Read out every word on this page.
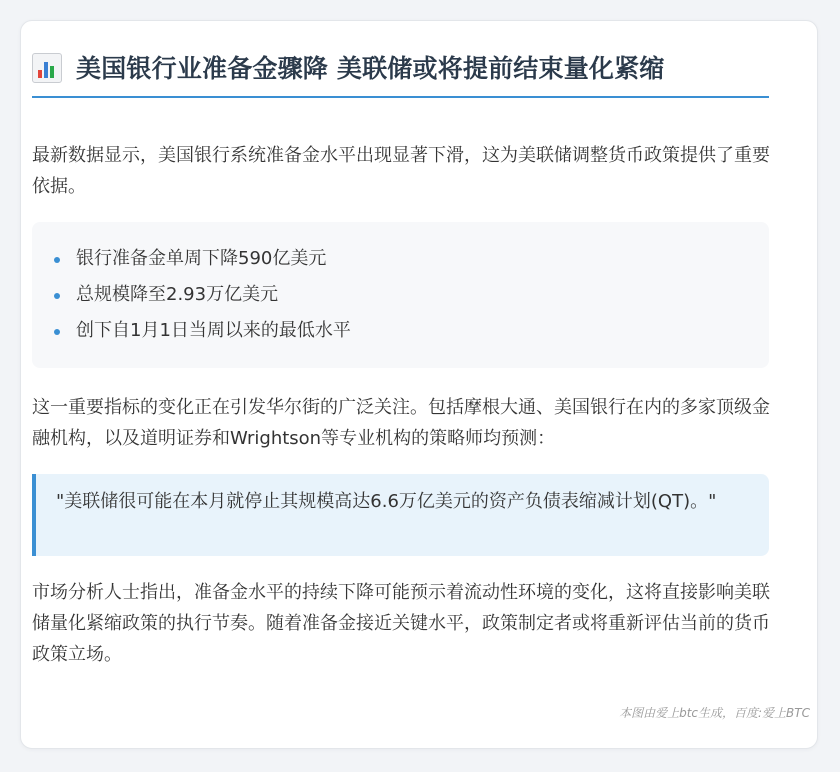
美国银行业准备金骤降 美联储或将提前结束量化紧缩
最新数据显示，美国银行系统准备金水平出现显著下滑，这为美联储调整货币政策提供了重要依据。
银行准备金单周下降590亿美元
总规模降至2.93万亿美元
创下自1月1日当周以来的最低水平
这一重要指标的变化正在引发华尔街的广泛关注。包括摩根大通、美国银行在内的多家顶级金融机构，以及道明证券和Wrightson等专业机构的策略师均预测：
"美联储很可能在本月就停止其规模高达6.6万亿美元的资产负债表缩减计划(QT)。"
市场分析人士指出，准备金水平的持续下降可能预示着流动性环境的变化，这将直接影响美联储量化紧缩政策的执行节奏。随着准备金接近关键水平，政策制定者或将重新评估当前的货币政策立场。
本图由爱上btc生成，百度:爱上BTC
